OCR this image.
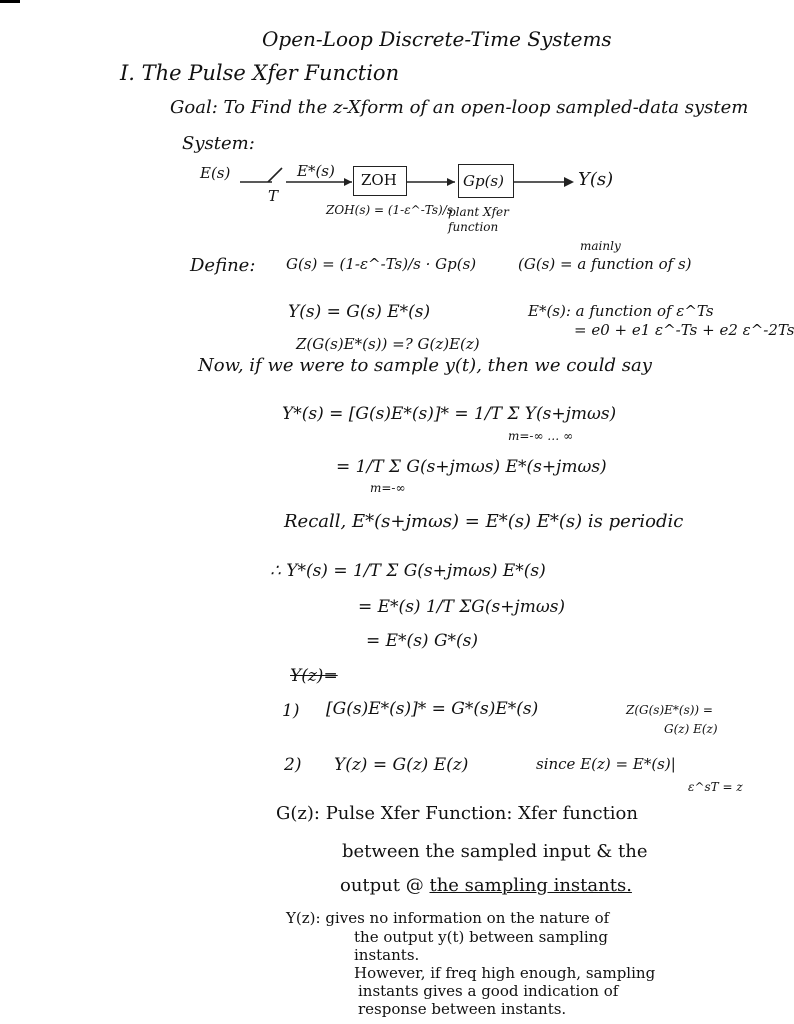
Open-Loop Discrete-Time Systems
I. The Pulse Xfer Function
Goal: To Find the z-Xform of an open-loop sampled-data system
System:
E(s)
T
E*(s) ZOH
ZOH(s) = (1-ε^-Ts)/s
Gp(s)
plant Xfer function
Y(s)
Define: G(s) = (1-ε^-Ts)/s · Gp(s)
mainly
(G(s) = a function of s)
Y(s) = G(s) E*(s)	E*(s): a function of ε^Ts
= e0 + e1 ε^-Ts + e2 ε^-2Ts
Z(G(s)E*(s)) =? G(z)E(z)
Now, if we were to sample y(t), then we could say
Y*(s) = [G(s)E*(s)]* = 1/T Σ Y(s+jmωs)
m=-∞ … ∞
= 1/T Σ G(s+jmωs) E*(s+jmωs)
m=-∞
Recall, E*(s+jmωs) = E*(s) E*(s) is periodic
∴ Y*(s) = 1/T Σ G(s+jmωs) E*(s)
= E*(s) 1/T ΣG(s+jmωs)
= E*(s) G*(s)
Y(z)=
1) [G(s)E*(s)]* = G*(s)E*(s)	Z(G(s)E*(s)) =
G(z) E(z)
2) Y(z) = G(z) E(z)	since E(z) = E*(s)|
ε^sT = z
G(z): Pulse Xfer Function: Xfer function
between the sampled input & the
output @ the sampling instants.
Y(z): gives no information on the nature of
the output y(t) between sampling
instants.
However, if freq high enough, sampling
instants gives a good indication of
response between instants.
